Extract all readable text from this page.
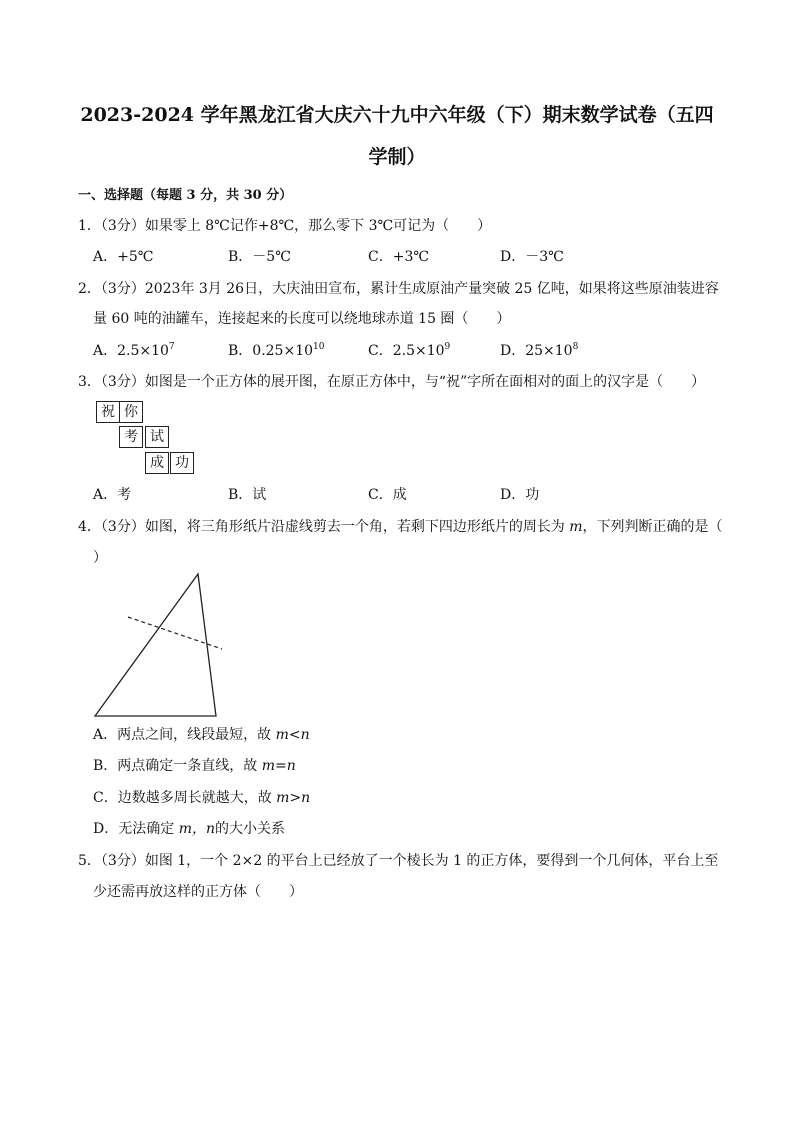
2023-2024 学年黑龙江省大庆六十九中六年级（下）期末数学试卷（五四
学制）
一、选择题（每题 3 分，共 30 分）
1．（3分）如果零上 8℃记作+8℃，那么零下 3℃可记为（　　）
A．+5℃	B．－5℃	C．+3℃	D．－3℃
2．（3分）2023年 3月 26日，大庆油田宣布，累计生成原油产量突破 25 亿吨，如果将这些原油装进容
量 60 吨的油罐车，连接起来的长度可以绕地球赤道 15 圈（　　）
A．$2.5\times 10^7$	B．$0.25\times 10^{10}$	C．$2.5\times 10^9$	D．$25\times 10^8$
3．（3分）如图是一个正方体的展开图，在原正方体中，与“祝”字所在面相对的面上的汉字是（　　）
祝 你
考 试
成 功
A．考	B．试	C．成	D．功
4．（3分）如图，将三角形纸片沿虚线剪去一个角，若剩下四边形纸片的周长为 m，下列判断正确的是（
）
A．两点之间，线段最短，故 m<n
B．两点确定一条直线，故 m=n
C．边数越多周长就越大，故 m>n
D．无法确定 m，n的大小关系
5．（3分）如图 1，一个 2×2 的平台上已经放了一个棱长为 1 的正方体，要得到一个几何体，平台上至
少还需再放这样的正方体（　　）
